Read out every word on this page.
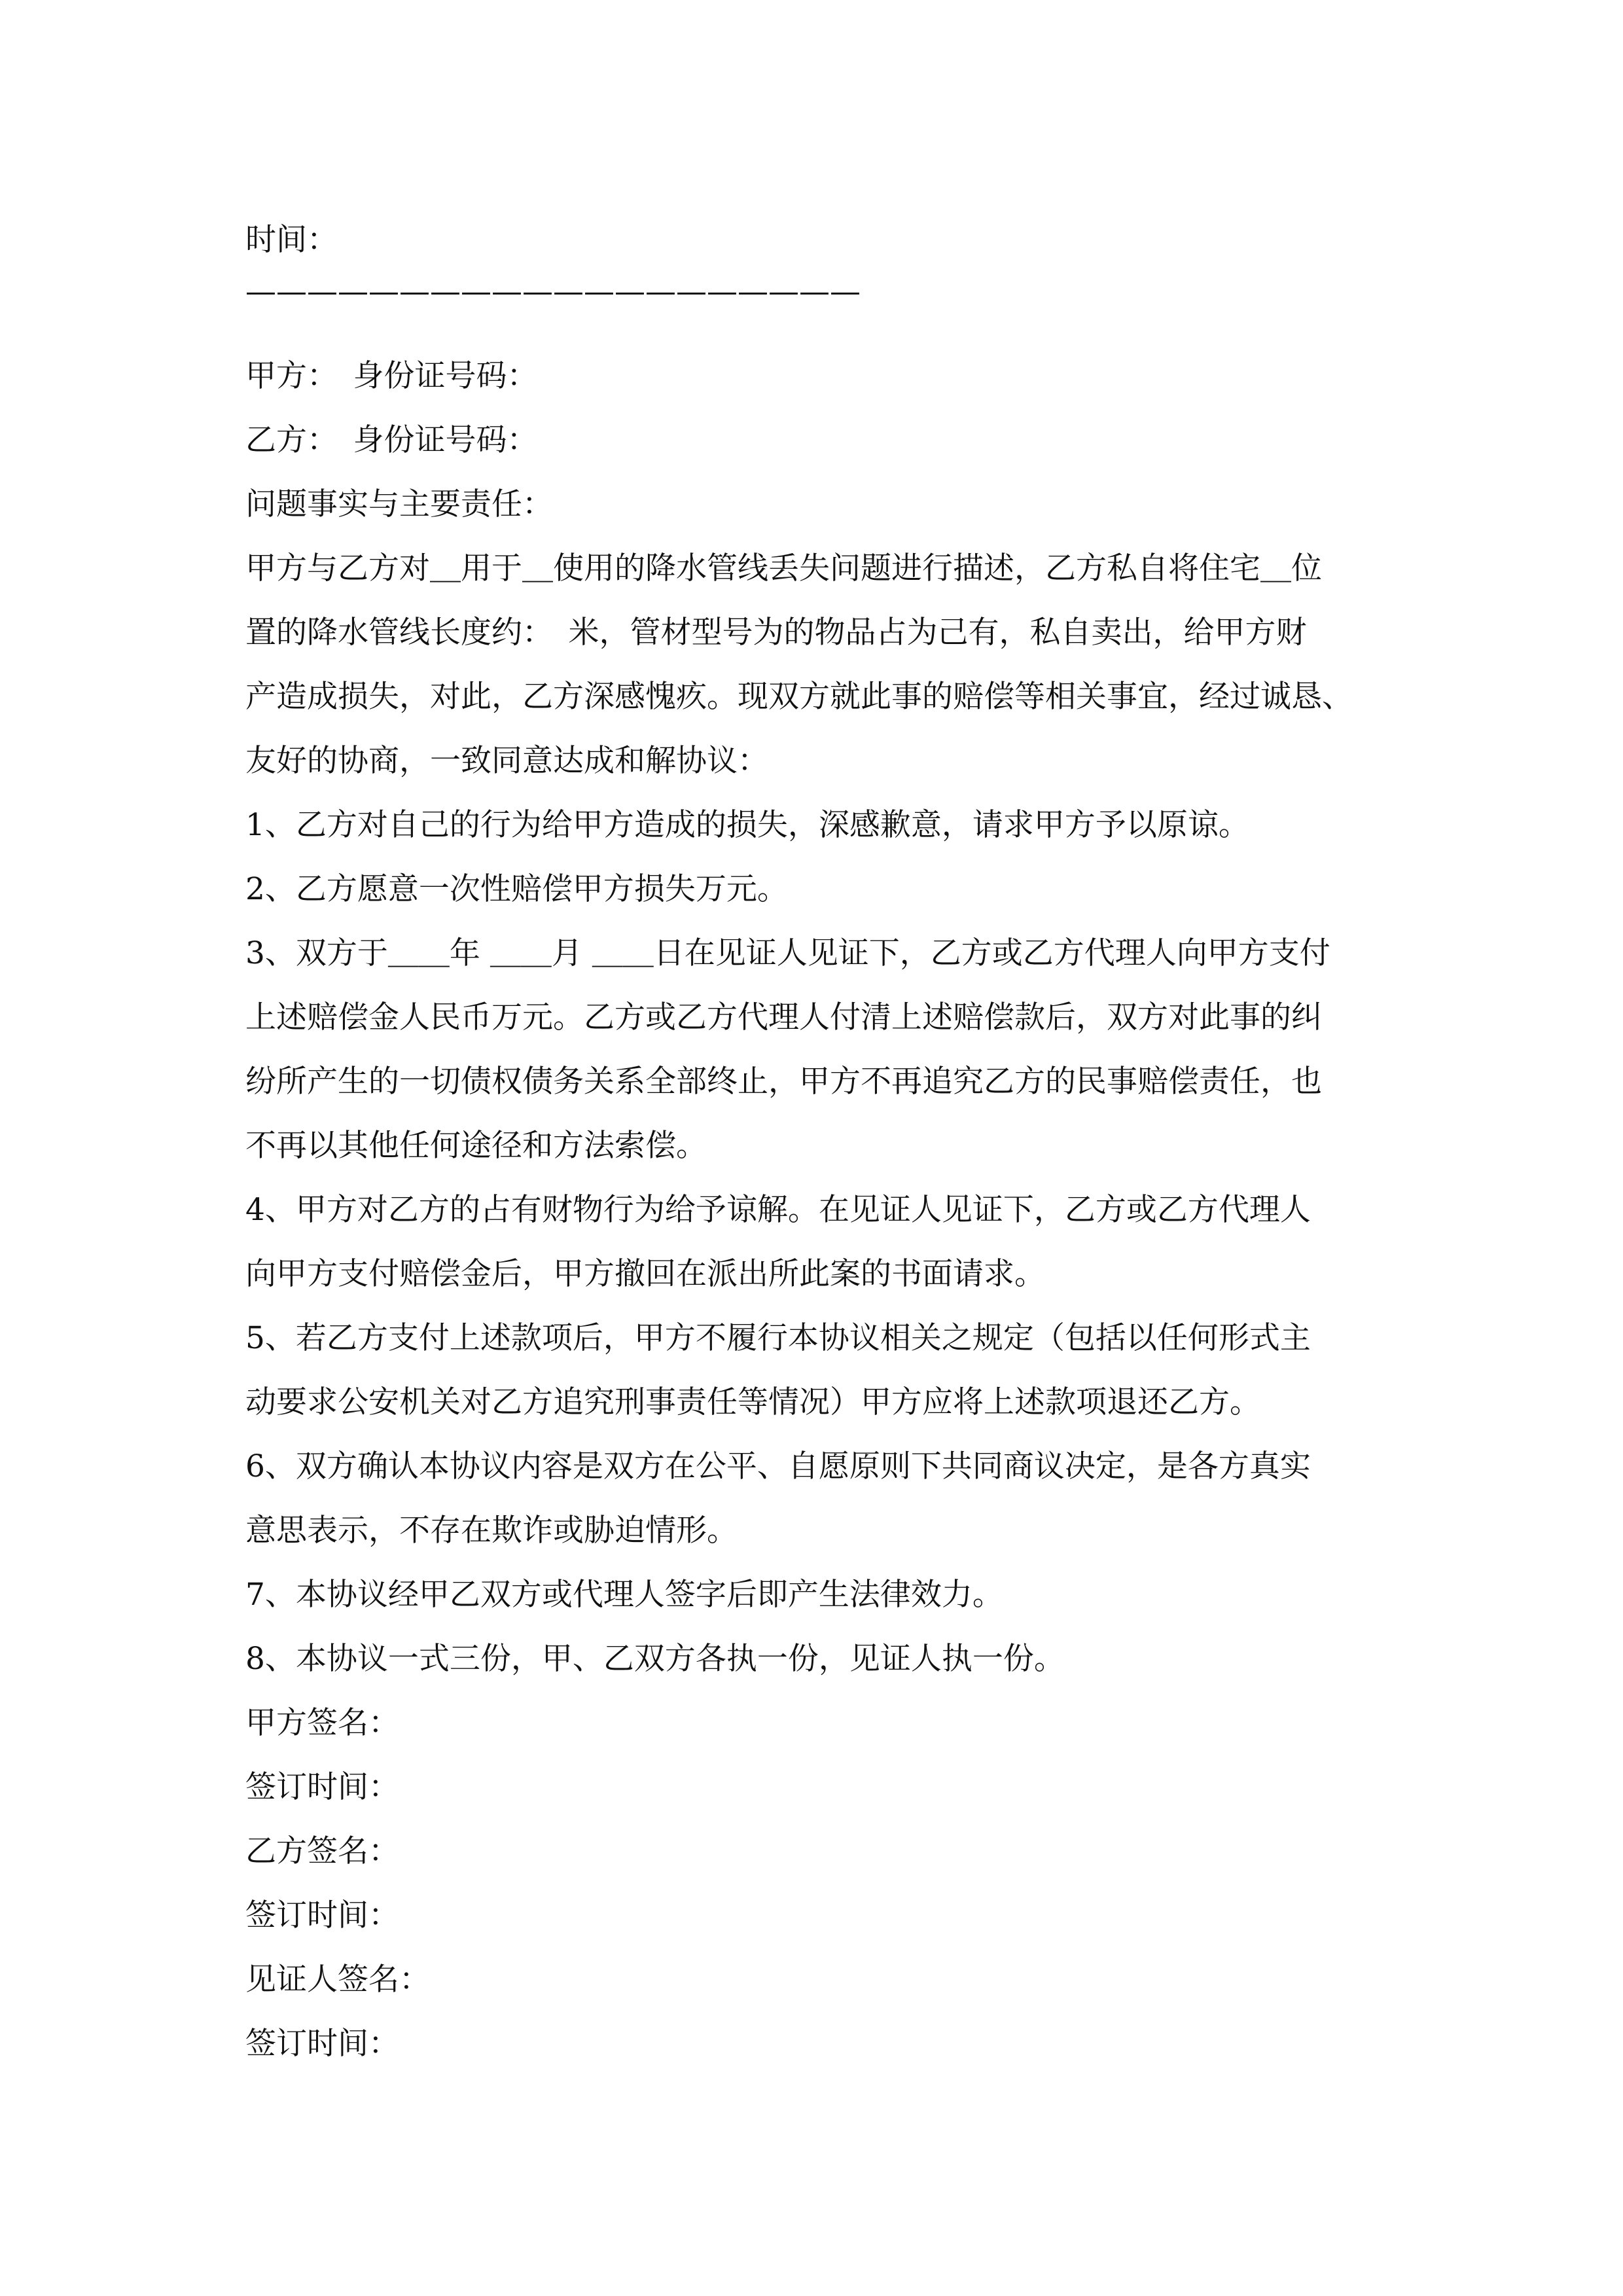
时间：

————————————————————

甲方：　身份证号码：

乙方：　身份证号码：

问题事实与主要责任：

甲方与乙方对＿用于＿使用的降水管线丢失问题进行描述，乙方私自将住宅＿位

置的降水管线长度约：　米，管材型号为的物品占为己有，私自卖出，给甲方财

产造成损失，对此，乙方深感愧疚。现双方就此事的赔偿等相关事宜，经过诚恳、

友好的协商，一致同意达成和解协议：

1、乙方对自己的行为给甲方造成的损失，深感歉意，请求甲方予以原谅。

2、乙方愿意一次性赔偿甲方损失万元。

3、双方于＿＿年 ＿＿月 ＿＿日在见证人见证下，乙方或乙方代理人向甲方支付

上述赔偿金人民币万元。乙方或乙方代理人付清上述赔偿款后，双方对此事的纠

纷所产生的一切债权债务关系全部终止，甲方不再追究乙方的民事赔偿责任，也

不再以其他任何途径和方法索偿。

4、甲方对乙方的占有财物行为给予谅解。在见证人见证下，乙方或乙方代理人

向甲方支付赔偿金后，甲方撤回在派出所此案的书面请求。

5、若乙方支付上述款项后，甲方不履行本协议相关之规定（包括以任何形式主

动要求公安机关对乙方追究刑事责任等情况）甲方应将上述款项退还乙方。

6、双方确认本协议内容是双方在公平、自愿原则下共同商议决定，是各方真实

意思表示，不存在欺诈或胁迫情形。

7、本协议经甲乙双方或代理人签字后即产生法律效力。

8、本协议一式三份，甲、乙双方各执一份，见证人执一份。

甲方签名：

签订时间：

乙方签名：

签订时间：

见证人签名：

签订时间：
